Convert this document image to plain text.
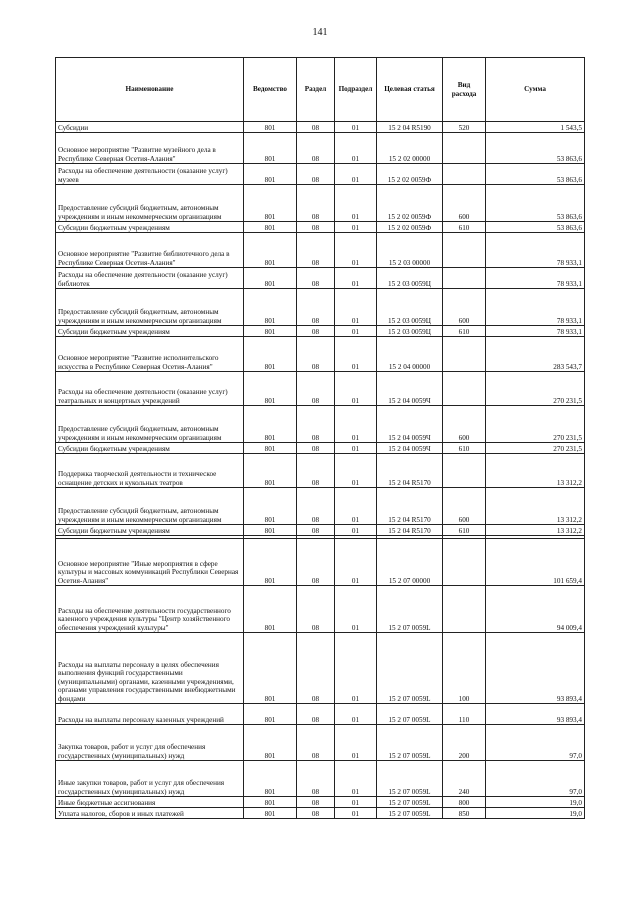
141
Наименование	Ведомство	Раздел	Подраздел	Целевая статья	Вид расхода	Сумма
Субсидии	801	08	01	15 2 04 R5190	520	1 543,5
Основное мероприятие "Развитие музейного дела в Республике Северная Осетия-Алания"	801	08	01	15 2 02 00000		53 863,6
Расходы на обеспечение деятельности (оказание услуг) музеев	801	08	01	15 2 02 0059Ф		53 863,6
Предоставление субсидий бюджетным, автономным учреждениям и иным некоммерческим организациям	801	08	01	15 2 02 0059Ф	600	53 863,6
Субсидии бюджетным учреждениям	801	08	01	15 2 02 0059Ф	610	53 863,6
Основное мероприятие "Развитие библиотечного дела в Республике Северная Осетия-Алания"	801	08	01	15 2 03 00000		78 933,1
Расходы на обеспечение деятельности (оказание услуг) библиотек	801	08	01	15 2 03 0059Ц		78 933,1
Предоставление субсидий бюджетным, автономным учреждениям и иным некоммерческим организациям	801	08	01	15 2 03 0059Ц	600	78 933,1
Субсидии бюджетным учреждениям	801	08	01	15 2 03 0059Ц	610	78 933,1
Основное мероприятие "Развитие исполнительского искусства в Республике Северная Осетия-Алания"	801	08	01	15 2 04 00000		283 543,7
Расходы на обеспечение деятельности (оказание услуг) театральных и концертных учреждений	801	08	01	15 2 04 0059Ч		270 231,5
Предоставление субсидий бюджетным, автономным учреждениям и иным некоммерческим организациям	801	08	01	15 2 04 0059Ч	600	270 231,5
Субсидии бюджетным учреждениям	801	08	01	15 2 04 0059Ч	610	270 231,5
Поддержка творческой деятельности и техническое оснащение детских и кукольных театров	801	08	01	15 2 04 R5170		13 312,2
Предоставление субсидий бюджетным, автономным учреждениям и иным некоммерческим организациям	801	08	01	15 2 04 R5170	600	13 312,2
Субсидии бюджетным учреждениям	801	08	01	15 2 04 R5170	610	13 312,2

Основное мероприятие "Иные мероприятия в сфере культуры и массовых коммуникаций Республики Северная Осетия-Алания"	801	08	01	15 2 07 00000		101 659,4
Расходы на обеспечение деятельности государственного казенного учреждения культуры "Центр хозяйственного обеспечения учреждений культуры"	801	08	01	15 2 07 0059L		94 009,4
Расходы на выплаты персоналу в целях обеспечения выполнения функций государственными (муниципальными) органами, казенными учреждениями, органами управления государственными внебюджетными фондами	801	08	01	15 2 07 0059L	100	93 893,4
Расходы на выплаты персоналу казенных учреждений	801	08	01	15 2 07 0059L	110	93 893,4
Закупка товаров, работ и услуг для обеспечения государственных (муниципальных) нужд	801	08	01	15 2 07 0059L	200	97,0
Иные закупки товаров, работ и услуг для обеспечения государственных (муниципальных) нужд	801	08	01	15 2 07 0059L	240	97,0
Иные бюджетные ассигнования	801	08	01	15 2 07 0059L	800	19,0
Уплата налогов, сборов и иных платежей	801	08	01	15 2 07 0059L	850	19,0
